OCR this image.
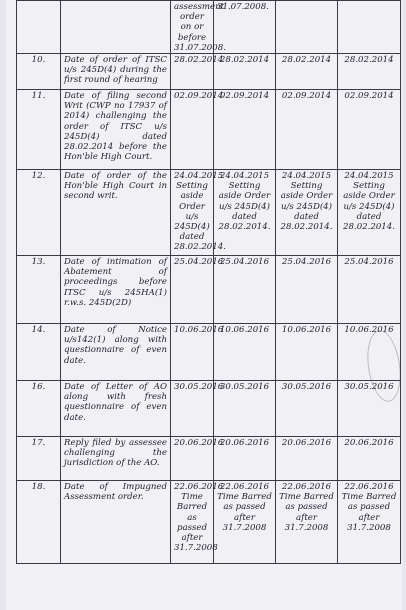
		assessment order on or before 31.07.2008.	31.07.2008.		
10.	Date of order of ITSC u/s 245D(4) during the first round of hearing	28.02.2014	28.02.2014	28.02.2014	28.02.2014
11.	Date of filing second Writ (CWP no 17937 of 2014) challenging the order of ITSC u/s 245D(4) dated 28.02.2014 before the Hon'ble High Court.	02.09.2014	02.09.2014	02.09.2014	02.09.2014
12.	Date of order of the Hon'ble High Court in second writ.	24.04.2015 Setting aside Order u/s 245D(4) dated 28.02.2014.	24.04.2015 Setting aside Order u/s 245D(4) dated 28.02.2014.	24.04.2015 Setting aside Order u/s 245D(4) dated 28.02.2014.	24.04.2015 Setting aside Order u/s 245D(4) dated 28.02.2014.
13.	Date of intimation of Abatement of proceedings before ITSC u/s 245HA(1) r.w.s. 245D(2D)	25.04.2016	25.04.2016	25.04.2016	25.04.2016
14.	Date of Notice u/s142(1) along with questionnaire of even date.	10.06.2016	10.06.2016	10.06.2016	10.06.2016
16.	Date of Letter of AO along with fresh questionnaire of even date.	30.05.2016	30.05.2016	30.05.2016	30.05.2016
17.	Reply filed by assessee challenging the jurisdiction of the AO.	20.06.2016	20.06.2016	20.06.2016	20.06.2016
18.	Date of Impugned Assessment order.	22.06.2016 Time Barred as passed after 31.7.2008	22.06.2016 Time Barred as passed after 31.7.2008	22.06.2016 Time Barred as passed after 31.7.2008	22.06.2016 Time Barred as passed after 31.7.2008
